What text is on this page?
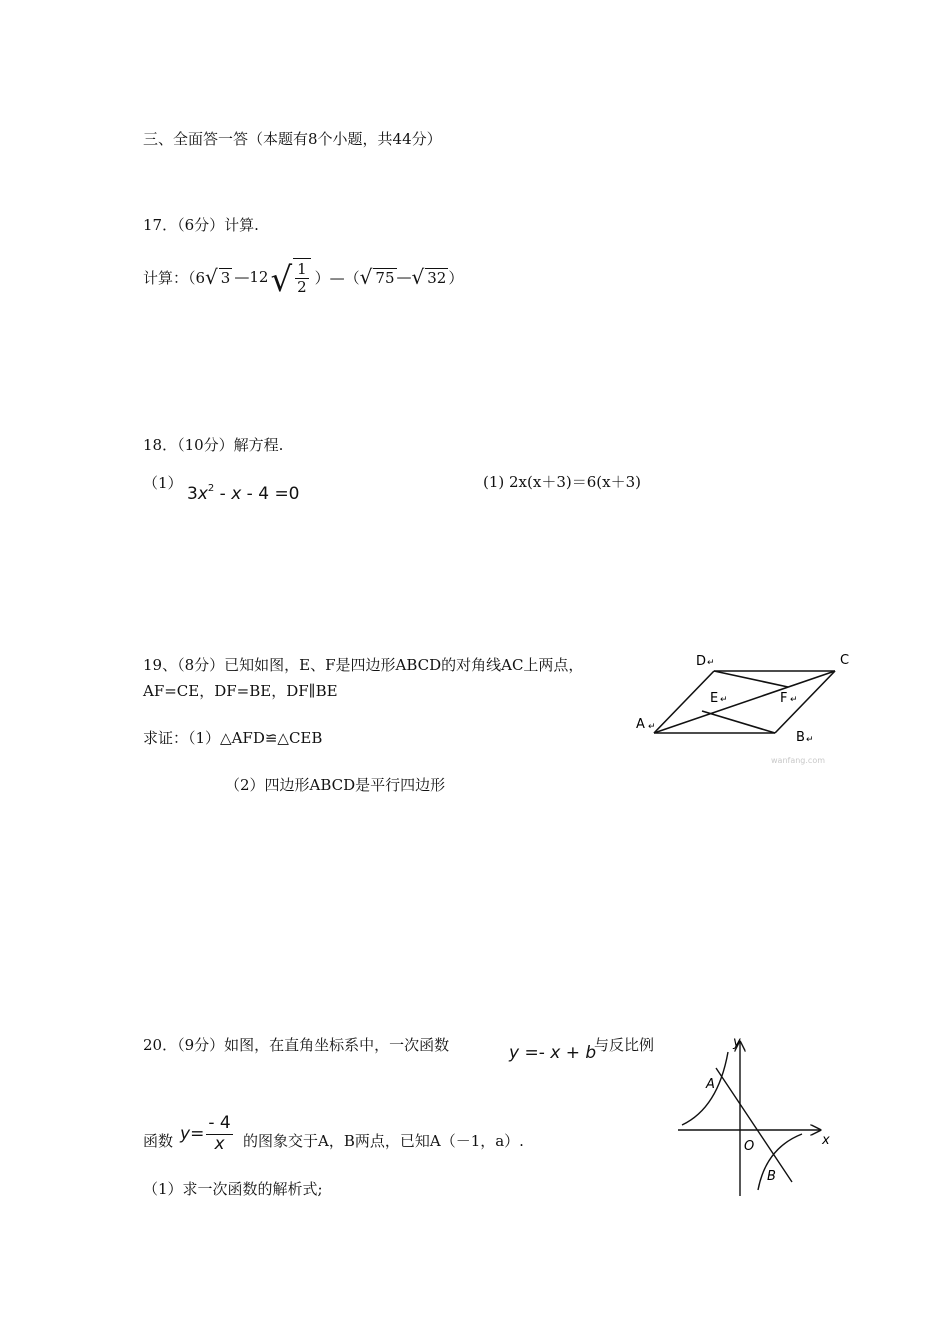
三、全面答一答（本题有8个小题，共44分）
17．（6分）计算.
计算：（6 √ 3 —12 √ $\frac{1}{2}$ ）—（ √ 75 — √ 32 ）
18．（10分）解方程.
（1）
$3x^2 - x - 4 =0$
(1) 2x(x＋3)＝6(x＋3)
19、（8分）已知如图，E、F是四边形ABCD的对角线AC上两点，
AF=CE，DF=BE，DF∥BE
求证：（1）△AFD≌△CEB
（2）四边形ABCD是平行四边形
A ↵
D ↵	C
E ↵	F ↵
B ↵
wanfang.com
20．（9分）如图，在直角坐标系中，一次函数	y =- x + b
与反比例
函数 $y = \frac{- 4}{x}$ 的图象交于A，B两点，已知A（－1，a）.
（1）求一次函数的解析式;
y
x
O
A
B
